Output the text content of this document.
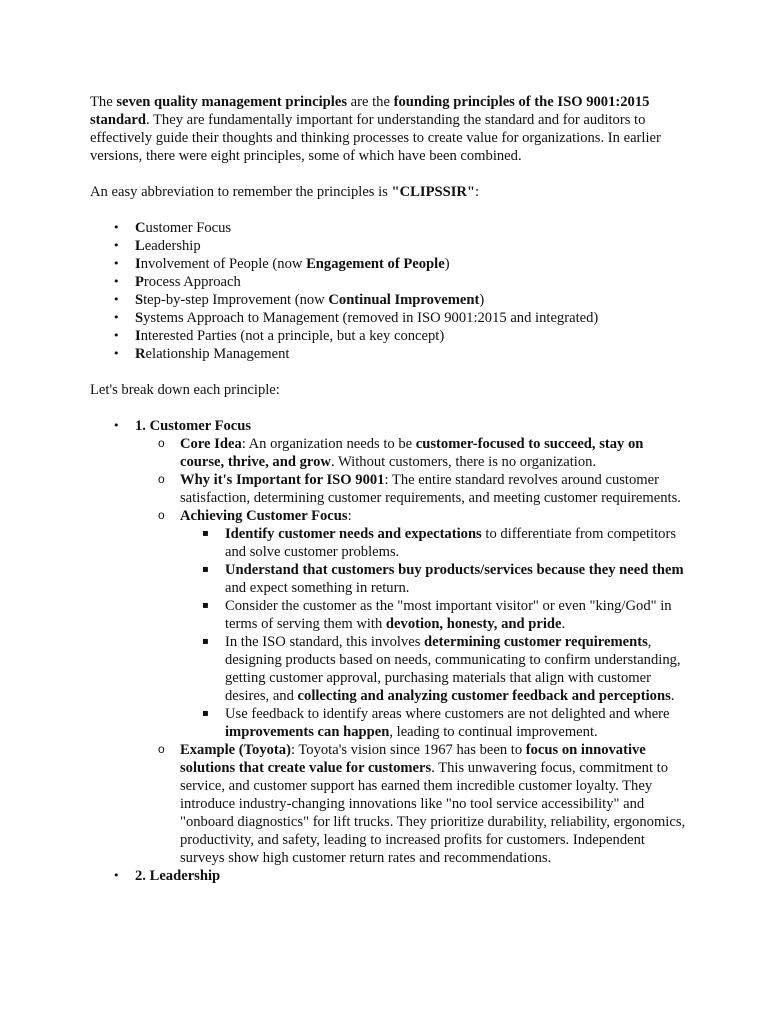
The seven quality management principles are the founding principles of the ISO 9001:2015 standard. They are fundamentally important for understanding the standard and for auditors to effectively guide their thoughts and thinking processes to create value for organizations. In earlier versions, there were eight principles, some of which have been combined.

An easy abbreviation to remember the principles is "CLIPSSIR":

• Customer Focus
• Leadership
• Involvement of People (now Engagement of People)
• Process Approach
• Step-by-step Improvement (now Continual Improvement)
• Systems Approach to Management (removed in ISO 9001:2015 and integrated)
• Interested Parties (not a principle, but a key concept)
• Relationship Management

Let's break down each principle:

• 1. Customer Focus
o Core Idea: An organization needs to be customer-focused to succeed, stay on course, thrive, and grow. Without customers, there is no organization.
o Why it's Important for ISO 9001: The entire standard revolves around customer satisfaction, determining customer requirements, and meeting customer requirements.
o Achieving Customer Focus:
▪ Identify customer needs and expectations to differentiate from competitors and solve customer problems.
▪ Understand that customers buy products/services because they need them and expect something in return.
▪ Consider the customer as the "most important visitor" or even "king/God" in terms of serving them with devotion, honesty, and pride.
▪ In the ISO standard, this involves determining customer requirements, designing products based on needs, communicating to confirm understanding, getting customer approval, purchasing materials that align with customer desires, and collecting and analyzing customer feedback and perceptions.
▪ Use feedback to identify areas where customers are not delighted and where improvements can happen, leading to continual improvement.
o Example (Toyota): Toyota's vision since 1967 has been to focus on innovative solutions that create value for customers. This unwavering focus, commitment to service, and customer support has earned them incredible customer loyalty. They introduce industry-changing innovations like "no tool service accessibility" and "onboard diagnostics" for lift trucks. They prioritize durability, reliability, ergonomics, productivity, and safety, leading to increased profits for customers. Independent surveys show high customer return rates and recommendations.
• 2. Leadership
